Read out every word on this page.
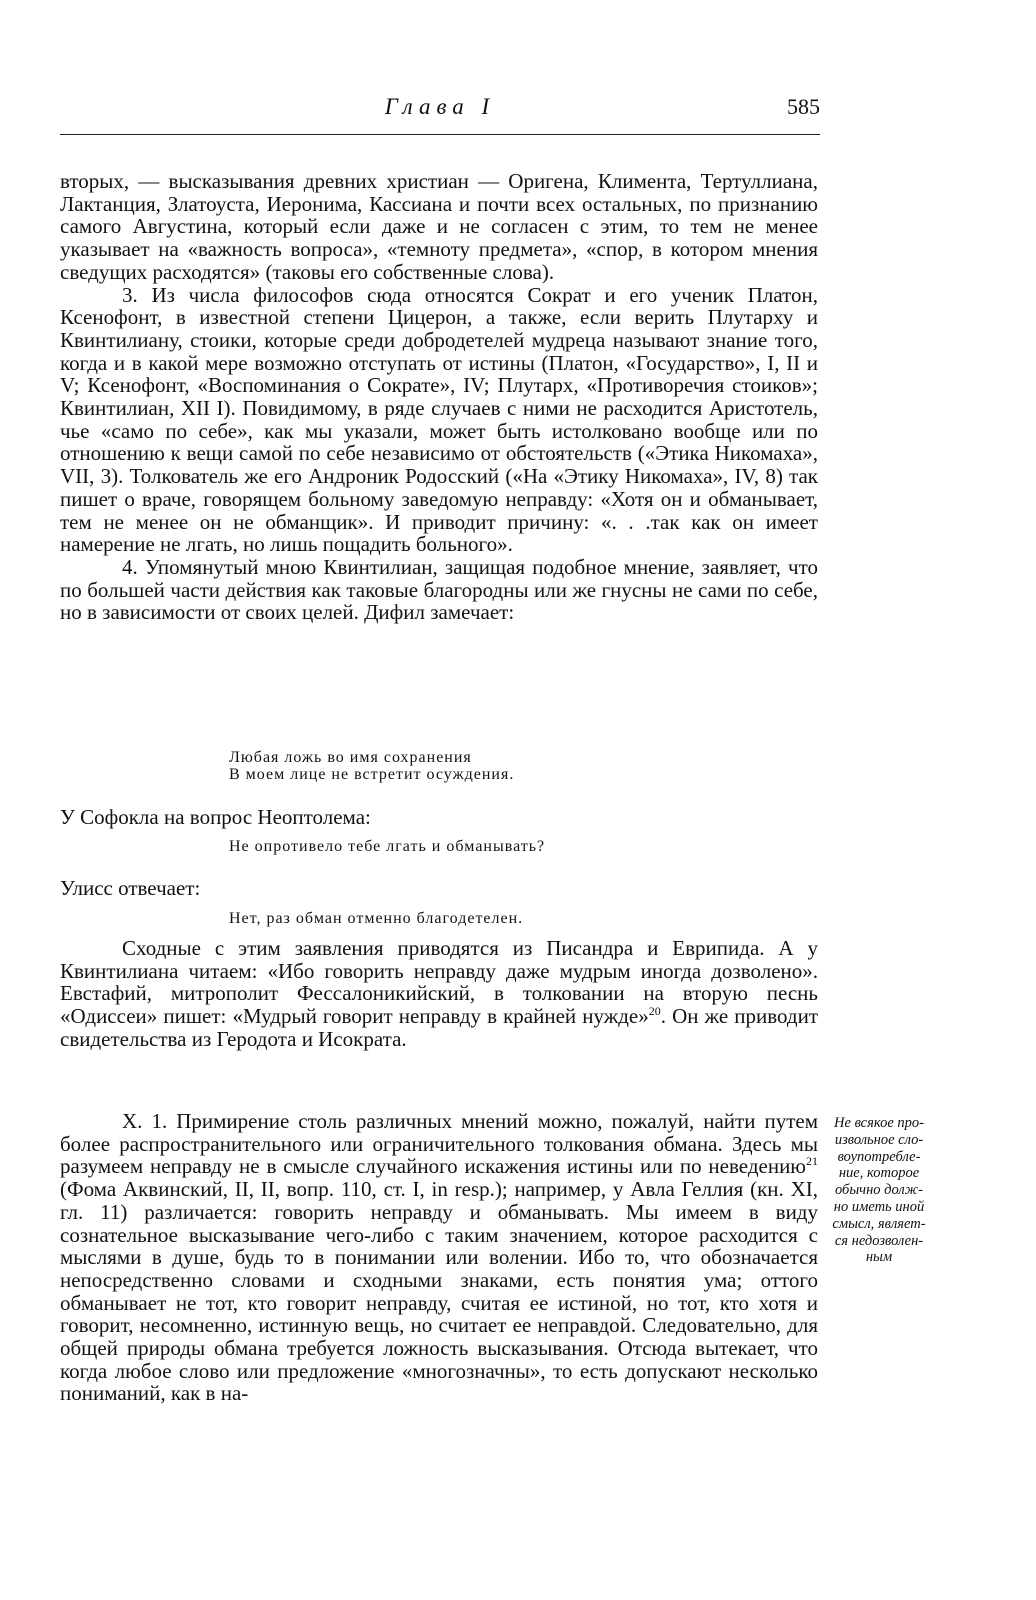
Глава I	585

вторых, — высказывания древних христиан — Оригена, Климента, Тертуллиана, Лактанция, Златоуста, Иеронима, Кассиана и почти всех остальных, по признанию самого Августина, который если даже и не согласен с этим, то тем не менее указывает на «важность вопроса», «темноту предмета», «спор, в котором мнения сведущих расходятся» (таковы его собственные слова).

3. Из числа философов сюда относятся Сократ и его ученик Платон, Ксенофонт, в известной степени Цицерон, а также, если верить Плутарху и Квинтилиану, стоики, которые среди добродетелей мудреца называют знание того, когда и в какой мере возможно отступать от истины (Платон, «Государство», I, II и V; Ксенофонт, «Воспоминания о Сократе», IV; Плутарх, «Противоречия стоиков»; Квинтилиан, XII I). Повидимому, в ряде случаев с ними не расходится Аристотель, чье «само по себе», как мы указали, может быть истолковано вообще или по отношению к вещи самой по себе независимо от обстоятельств («Этика Никомаха», VII, 3). Толкователь же его Андроник Родосский («На «Этику Никомаха», IV, 8) так пишет о враче, говорящем больному заведомую неправду: «Хотя он и обманывает, тем не менее он не обманщик». И приводит причину: «. . .так как он имеет намерение не лгать, но лишь пощадить больного».

4. Упомянутый мною Квинтилиан, защищая подобное мнение, заявляет, что по большей части действия как таковые благородны или же гнусны не сами по себе, но в зависимости от своих целей. Дифил замечает:

Любая ложь во имя сохранения
В моем лице не встретит осуждения.
У Софокла на вопрос Неоптолема:
Не опротивело тебе лгать и обманывать?
Улисс отвечает:
Нет, раз обман отменно благодетелен.

Сходные с этим заявления приводятся из Писандра и Еврипида. А у Квинтилиана читаем: «Ибо говорить неправду даже мудрым иногда дозволено». Евстафий, митрополит Фессалоникийский, в толковании на вторую песнь «Одиссеи» пишет: «Мудрый говорит неправду в крайней нужде»$^{20}$. Он же приводит свидетельства из Геродота и Исократа.

X. 1. Примирение столь различных мнений можно, пожалуй, найти путем более распространительного или ограничительного толкования обмана. Здесь мы разумеем неправду не в смысле случайного искажения истины или по неведению$^{21}$ (Фома Аквинский, II, II, вопр. 110, ст. I, in resp.); например, у Авла Геллия (кн. XI, гл. 11) различается: говорить неправду и обманывать. Мы имеем в виду сознательное высказывание чего-либо с таким значением, которое расходится с мыслями в душе, будь то в понимании или волении. Ибо то, что обозначается непосредственно словами и сходными знаками, есть понятия ума; оттого обманывает не тот, кто говорит неправду, считая ее истиной, но тот, кто хотя и говорит, несомненно, истинную вещь, но считает ее неправдой. Следовательно, для общей природы обмана требуется ложность высказывания. Отсюда вытекает, что когда любое слово или предложение «многозначны», то есть допускают несколько пониманий, как в на-

Не всякое про-
извольное сло-
воупотребле-
ние, которое
обычно долж-
но иметь иной
смысл, являет-
ся недозволен-
ным
